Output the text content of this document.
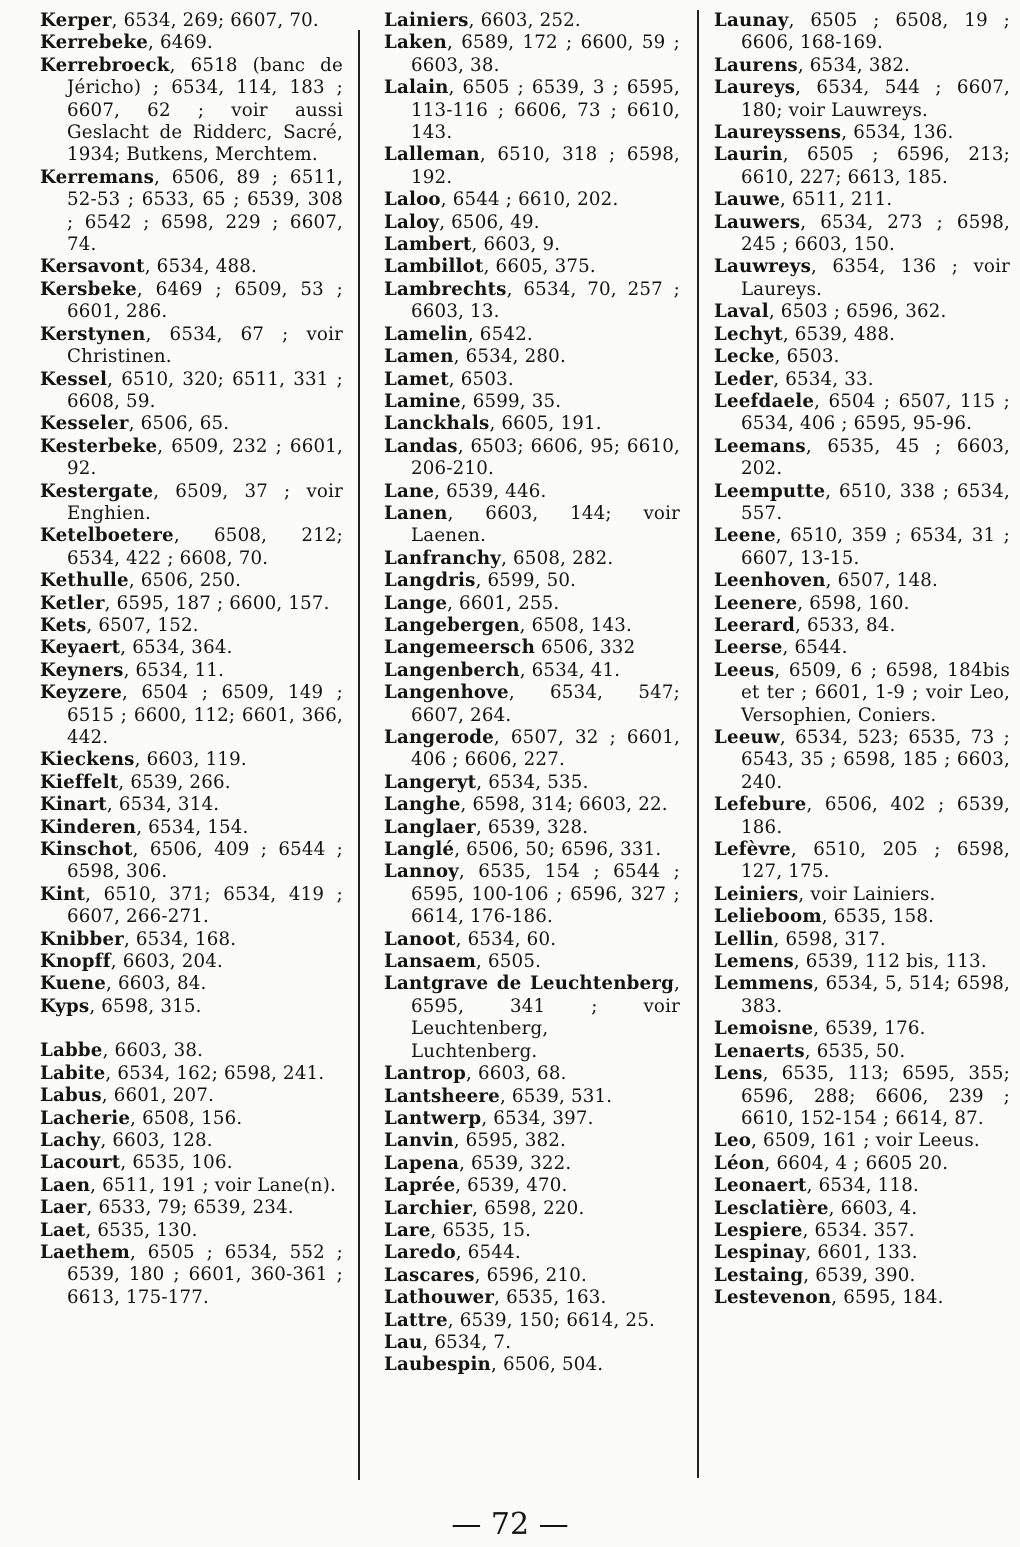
Kerper, 6534, 269; 6607, 70.

Kerrebeke, 6469.

Kerrebroeck, 6518 (banc de Jéricho) ; 6534, 114, 183 ; 6607, 62 ; voir aussi Geslacht de Ridderc, Sacré, 1934; Butkens, Merchtem.

Kerremans, 6506, 89 ; 6511, 52-53 ; 6533, 65 ; 6539, 308 ; 6542 ; 6598, 229 ; 6607, 74.

Kersavont, 6534, 488.

Kersbeke, 6469 ; 6509, 53 ; 6601, 286.

Kerstynen, 6534, 67 ; voir Christinen.

Kessel, 6510, 320; 6511, 331 ; 6608, 59.

Kesseler, 6506, 65.

Kesterbeke, 6509, 232 ; 6601, 92.

Kestergate, 6509, 37 ; voir Enghien.

Ketelboetere, 6508, 212; 6534, 422 ; 6608, 70.

Kethulle, 6506, 250.

Ketler, 6595, 187 ; 6600, 157.

Kets, 6507, 152.

Keyaert, 6534, 364.

Keyners, 6534, 11.

Keyzere, 6504 ; 6509, 149 ; 6515 ; 6600, 112; 6601, 366, 442.

Kieckens, 6603, 119.

Kieffelt, 6539, 266.

Kinart, 6534, 314.

Kinderen, 6534, 154.

Kinschot, 6506, 409 ; 6544 ; 6598, 306.

Kint, 6510, 371; 6534, 419 ; 6607, 266-271.

Knibber, 6534, 168.

Knopff, 6603, 204.

Kuene, 6603, 84.

Kyps, 6598, 315.

Labbe, 6603, 38.

Labite, 6534, 162; 6598, 241.

Labus, 6601, 207.

Lacherie, 6508, 156.

Lachy, 6603, 128.

Lacourt, 6535, 106.

Laen, 6511, 191 ; voir Lane(n).

Laer, 6533, 79; 6539, 234.

Laet, 6535, 130.

Laethem, 6505 ; 6534, 552 ; 6539, 180 ; 6601, 360-361 ; 6613, 175-177.

Lainiers, 6603, 252.

Laken, 6589, 172 ; 6600, 59 ; 6603, 38.

Lalain, 6505 ; 6539, 3 ; 6595, 113-116 ; 6606, 73 ; 6610, 143.

Lalleman, 6510, 318 ; 6598, 192.

Laloo, 6544 ; 6610, 202.

Laloy, 6506, 49.

Lambert, 6603, 9.

Lambillot, 6605, 375.

Lambrechts, 6534, 70, 257 ; 6603, 13.

Lamelin, 6542.

Lamen, 6534, 280.

Lamet, 6503.

Lamine, 6599, 35.

Lanckhals, 6605, 191.

Landas, 6503; 6606, 95; 6610, 206-210.

Lane, 6539, 446.

Lanen, 6603, 144; voir Laenen.

Lanfranchy, 6508, 282.

Langdris, 6599, 50.

Lange, 6601, 255.

Langebergen, 6508, 143.

Langemeersch 6506, 332

Langenberch, 6534, 41.

Langenhove, 6534, 547; 6607, 264.

Langerode, 6507, 32 ; 6601, 406 ; 6606, 227.

Langeryt, 6534, 535.

Langhe, 6598, 314; 6603, 22.

Langlaer, 6539, 328.

Langlé, 6506, 50; 6596, 331.

Lannoy, 6535, 154 ; 6544 ; 6595, 100-106 ; 6596, 327 ; 6614, 176-186.

Lanoot, 6534, 60.

Lansaem, 6505.

Lantgrave de Leuchtenberg, 6595, 341 ; voir Leuchtenberg, Luchtenberg.

Lantrop, 6603, 68.

Lantsheere, 6539, 531.

Lantwerp, 6534, 397.

Lanvin, 6595, 382.

Lapena, 6539, 322.

Laprée, 6539, 470.

Larchier, 6598, 220.

Lare, 6535, 15.

Laredo, 6544.

Lascares, 6596, 210.

Lathouwer, 6535, 163.

Lattre, 6539, 150; 6614, 25.

Lau, 6534, 7.

Laubespin, 6506, 504.

Launay, 6505 ; 6508, 19 ; 6606, 168-169.

Laurens, 6534, 382.

Laureys, 6534, 544 ; 6607, 180; voir Lauwreys.

Laureyssens, 6534, 136.

Laurin, 6505 ; 6596, 213; 6610, 227; 6613, 185.

Lauwe, 6511, 211.

Lauwers, 6534, 273 ; 6598, 245 ; 6603, 150.

Lauwreys, 6354, 136 ; voir Laureys.

Laval, 6503 ; 6596, 362.

Lechyt, 6539, 488.

Lecke, 6503.

Leder, 6534, 33.

Leefdaele, 6504 ; 6507, 115 ; 6534, 406 ; 6595, 95-96.

Leemans, 6535, 45 ; 6603, 202.

Leemputte, 6510, 338 ; 6534, 557.

Leene, 6510, 359 ; 6534, 31 ; 6607, 13-15.

Leenhoven, 6507, 148.

Leenere, 6598, 160.

Leerard, 6533, 84.

Leerse, 6544.

Leeus, 6509, 6 ; 6598, 184bis et ter ; 6601, 1-9 ; voir Leo, Versophien, Coniers.

Leeuw, 6534, 523; 6535, 73 ; 6543, 35 ; 6598, 185 ; 6603, 240.

Lefebure, 6506, 402 ; 6539, 186.

Lefèvre, 6510, 205 ; 6598, 127, 175.

Leiniers, voir Lainiers.

Lelieboom, 6535, 158.

Lellin, 6598, 317.

Lemens, 6539, 112 bis, 113.

Lemmens, 6534, 5, 514; 6598, 383.

Lemoisne, 6539, 176.

Lenaerts, 6535, 50.

Lens, 6535, 113; 6595, 355; 6596, 288; 6606, 239 ; 6610, 152-154 ; 6614, 87.

Leo, 6509, 161 ; voir Leeus.

Léon, 6604, 4 ; 6605 20.

Leonaert, 6534, 118.

Lesclatière, 6603, 4.

Lespiere, 6534. 357.

Lespinay, 6601, 133.

Lestaing, 6539, 390.

Lestevenon, 6595, 184.

— 72 —
